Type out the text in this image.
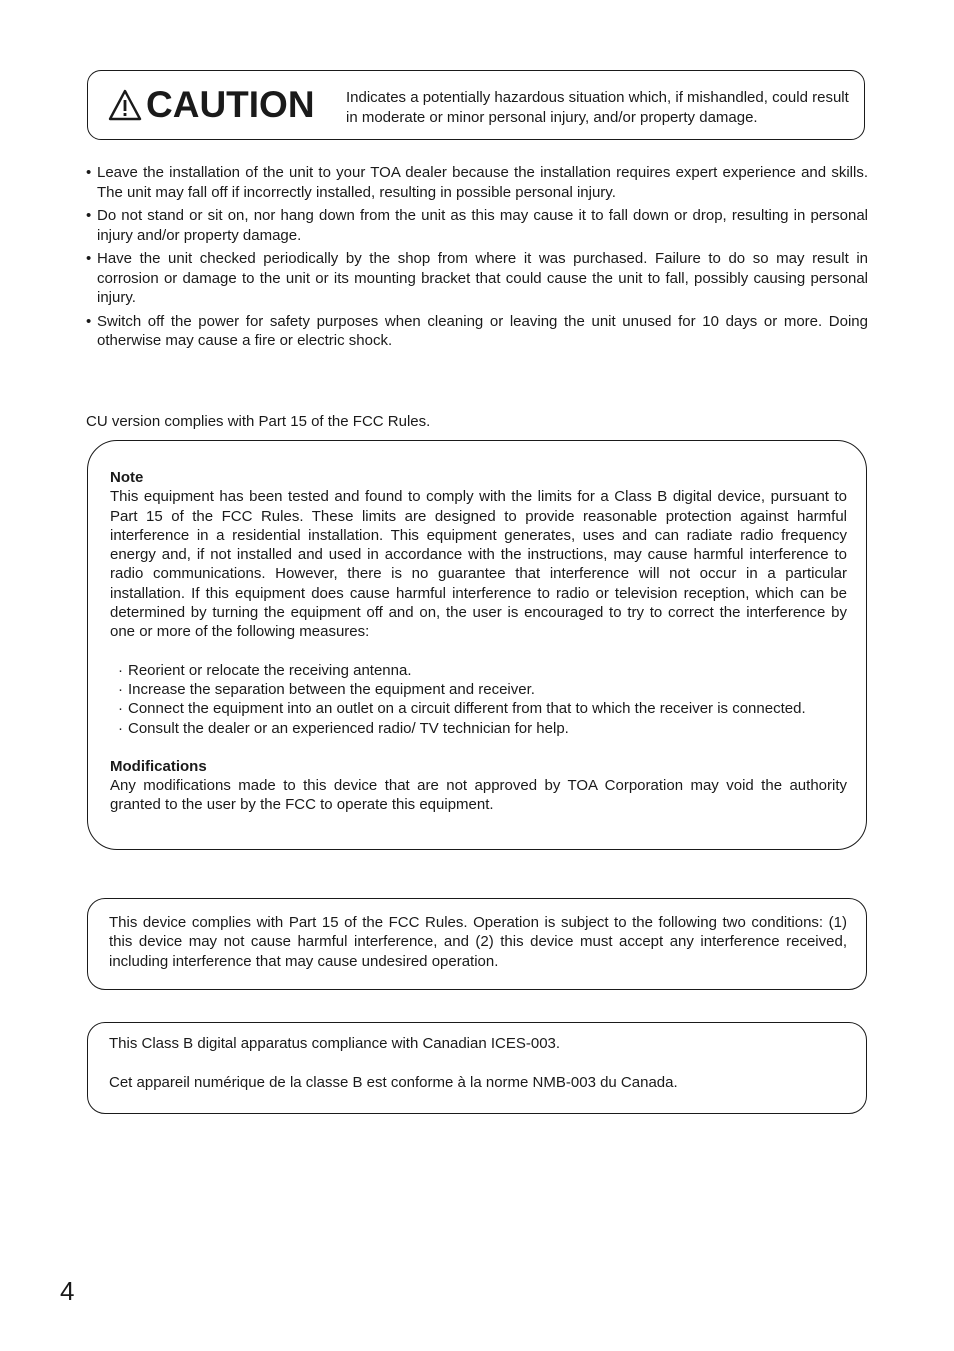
CAUTION Indicates a potentially hazardous situation which, if mishandled, could result in moderate or minor personal injury, and/or property damage.
• Leave the installation of the unit to your TOA dealer because the installation requires expert experience and skills. The unit may fall off if incorrectly installed, resulting in possible personal injury.
• Do not stand or sit on, nor hang down from the unit as this may cause it to fall down or drop, resulting in personal injury and/or property damage.
• Have the unit checked periodically by the shop from where it was purchased. Failure to do so may result in corrosion or damage to the unit or its mounting bracket that could cause the unit to fall, possibly causing personal injury.
• Switch off the power for safety purposes when cleaning or leaving the unit unused for 10 days or more. Doing otherwise may cause a fire or electric shock.
CU version complies with Part 15 of the FCC Rules.
Note

This equipment has been tested and found to comply with the limits for a Class B digital device, pursuant to Part 15 of the FCC Rules. These limits are designed to provide reasonable protection against harmful interference in a residential installation. This equipment generates, uses and can radiate radio frequency energy and, if not installed and used in accordance with the instructions, may cause harmful interference to radio communications. However, there is no guarantee that interference will not occur in a particular installation. If this equipment does cause harmful interference to radio or television reception, which can be determined by turning the equipment off and on, the user is encouraged to try to correct the interference by one or more of the following measures:

· Reorient or relocate the receiving antenna.
· Increase the separation between the equipment and receiver.
· Connect the equipment into an outlet on a circuit different from that to which the receiver is connected.
· Consult the dealer or an experienced radio/ TV technician for help.
Modifications

Any modifications made to this device that are not approved by TOA Corporation may void the authority granted to the user by the FCC to operate this equipment.

This device complies with Part 15 of the FCC Rules. Operation is subject to the following two conditions: (1) this device may not cause harmful interference, and (2) this device must accept any interference received, including interference that may cause undesired operation.

This Class B digital apparatus compliance with Canadian ICES-003.
Cet appareil numérique de la classe B est conforme à la norme NMB-003 du Canada.
4
